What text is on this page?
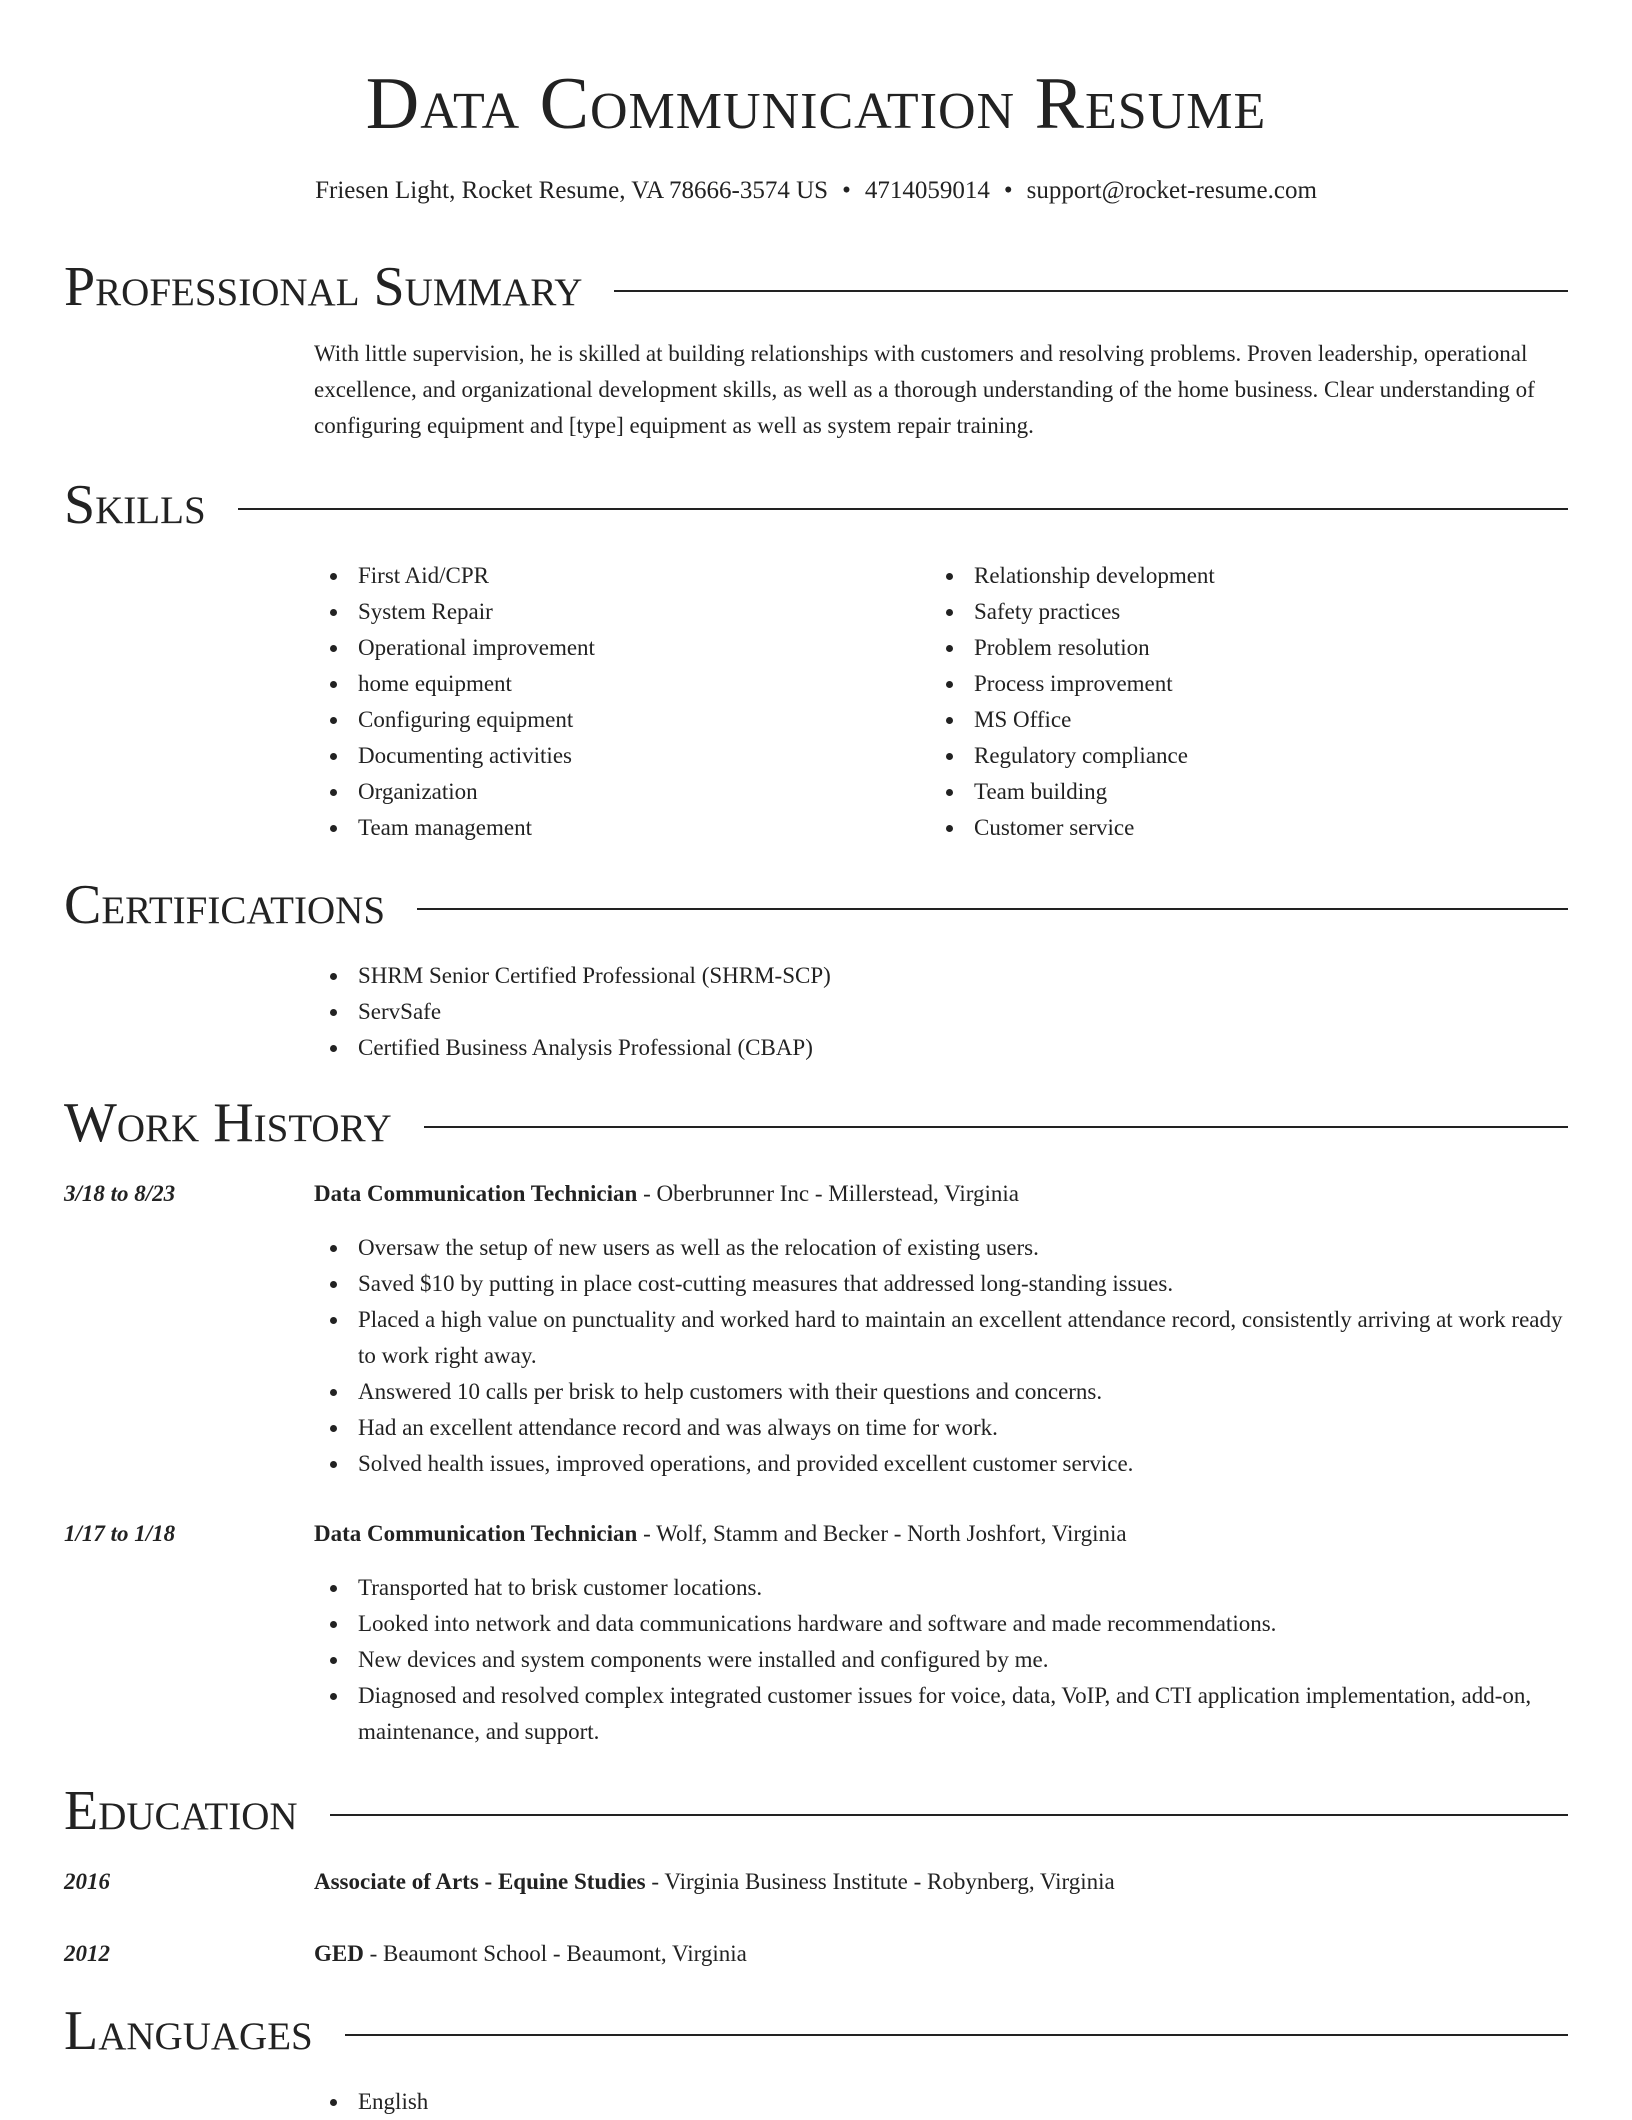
Data Communication Resume
Friesen Light, Rocket Resume, VA 78666-3574 US • 4714059014 • support@rocket-resume.com
Professional Summary
With little supervision, he is skilled at building relationships with customers and resolving problems. Proven leadership, operational excellence, and organizational development skills, as well as a thorough understanding of the home business. Clear understanding of configuring equipment and [type] equipment as well as system repair training.
Skills
First Aid/CPR
System Repair
Operational improvement
home equipment
Configuring equipment
Documenting activities
Organization
Team management
Relationship development
Safety practices
Problem resolution
Process improvement
MS Office
Regulatory compliance
Team building
Customer service
Certifications
SHRM Senior Certified Professional (SHRM-SCP)
ServSafe
Certified Business Analysis Professional (CBAP)
Work History
3/18 to 8/23	Data Communication Technician - Oberbrunner Inc - Millerstead, Virginia
Oversaw the setup of new users as well as the relocation of existing users.
Saved $10 by putting in place cost-cutting measures that addressed long-standing issues.
Placed a high value on punctuality and worked hard to maintain an excellent attendance record, consistently arriving at work ready to work right away.
Answered 10 calls per brisk to help customers with their questions and concerns.
Had an excellent attendance record and was always on time for work.
Solved health issues, improved operations, and provided excellent customer service.
1/17 to 1/18	Data Communication Technician - Wolf, Stamm and Becker - North Joshfort, Virginia
Transported hat to brisk customer locations.
Looked into network and data communications hardware and software and made recommendations.
New devices and system components were installed and configured by me.
Diagnosed and resolved complex integrated customer issues for voice, data, VoIP, and CTI application implementation, add-on, maintenance, and support.
Education
2016	Associate of Arts - Equine Studies - Virginia Business Institute - Robynberg, Virginia
2012	GED - Beaumont School - Beaumont, Virginia
Languages
English
